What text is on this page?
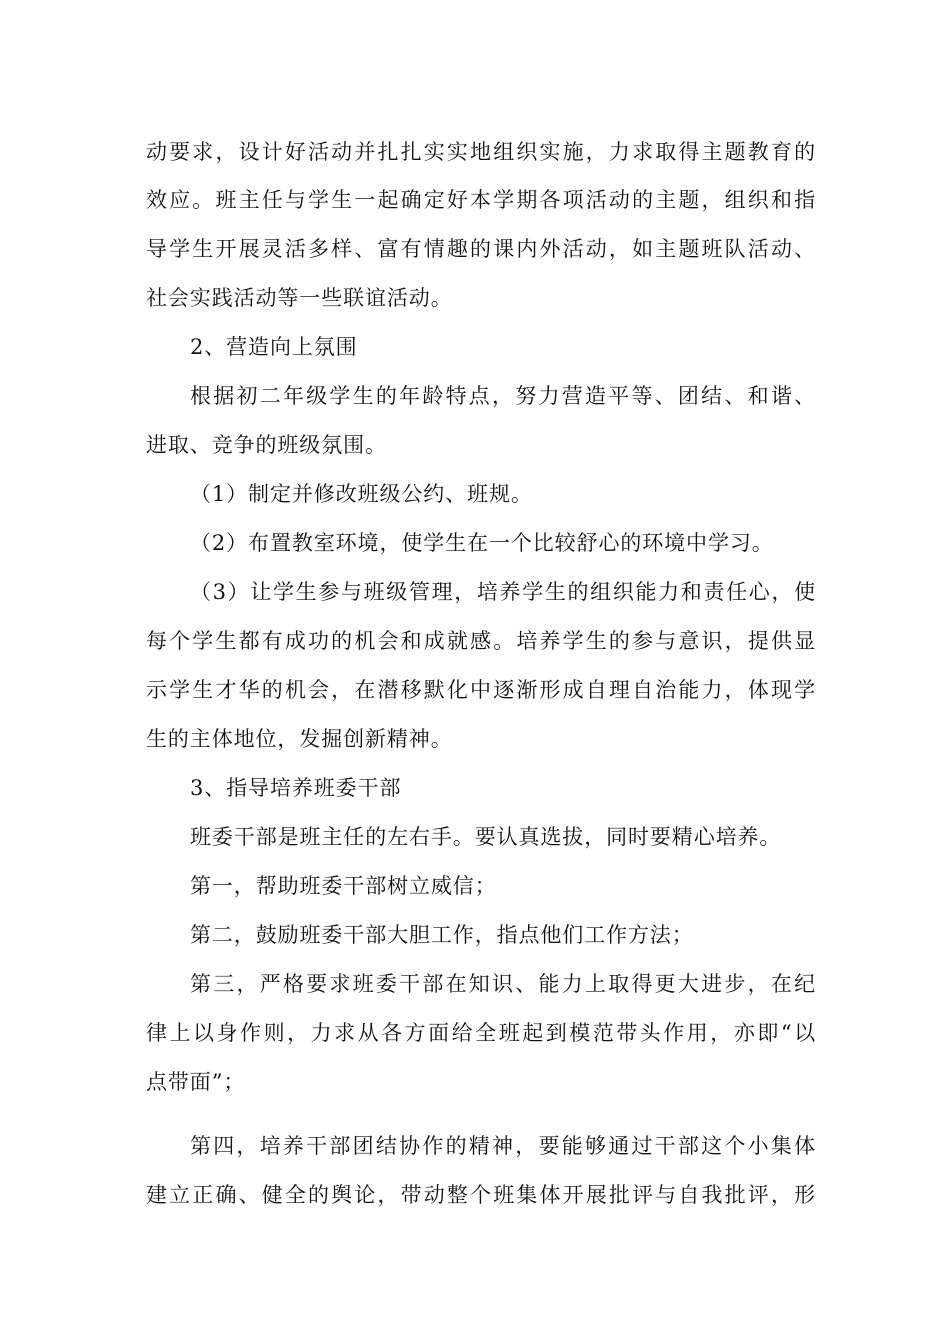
动要求，设计好活动并扎扎实实地组织实施，力求取得主题教育的
效应。班主任与学生一起确定好本学期各项活动的主题，组织和指
导学生开展灵活多样、富有情趣的课内外活动，如主题班队活动、
社会实践活动等一些联谊活动。
2、营造向上氛围
根据初二年级学生的年龄特点，努力营造平等、团结、和谐、
进取、竞争的班级氛围。
（1）制定并修改班级公约、班规。
（2）布置教室环境，使学生在一个比较舒心的环境中学习。
（3）让学生参与班级管理，培养学生的组织能力和责任心，使
每个学生都有成功的机会和成就感。培养学生的参与意识，提供显
示学生才华的机会，在潜移默化中逐渐形成自理自治能力，体现学
生的主体地位，发掘创新精神。
3、指导培养班委干部
班委干部是班主任的左右手。要认真选拔，同时要精心培养。
第一，帮助班委干部树立威信；
第二，鼓励班委干部大胆工作，指点他们工作方法；
第三，严格要求班委干部在知识、能力上取得更大进步，在纪
律上以身作则，力求从各方面给全班起到模范带头作用，亦即“以
点带面”；
第四，培养干部团结协作的精神，要能够通过干部这个小集体
建立正确、健全的舆论，带动整个班集体开展批评与自我批评，形
